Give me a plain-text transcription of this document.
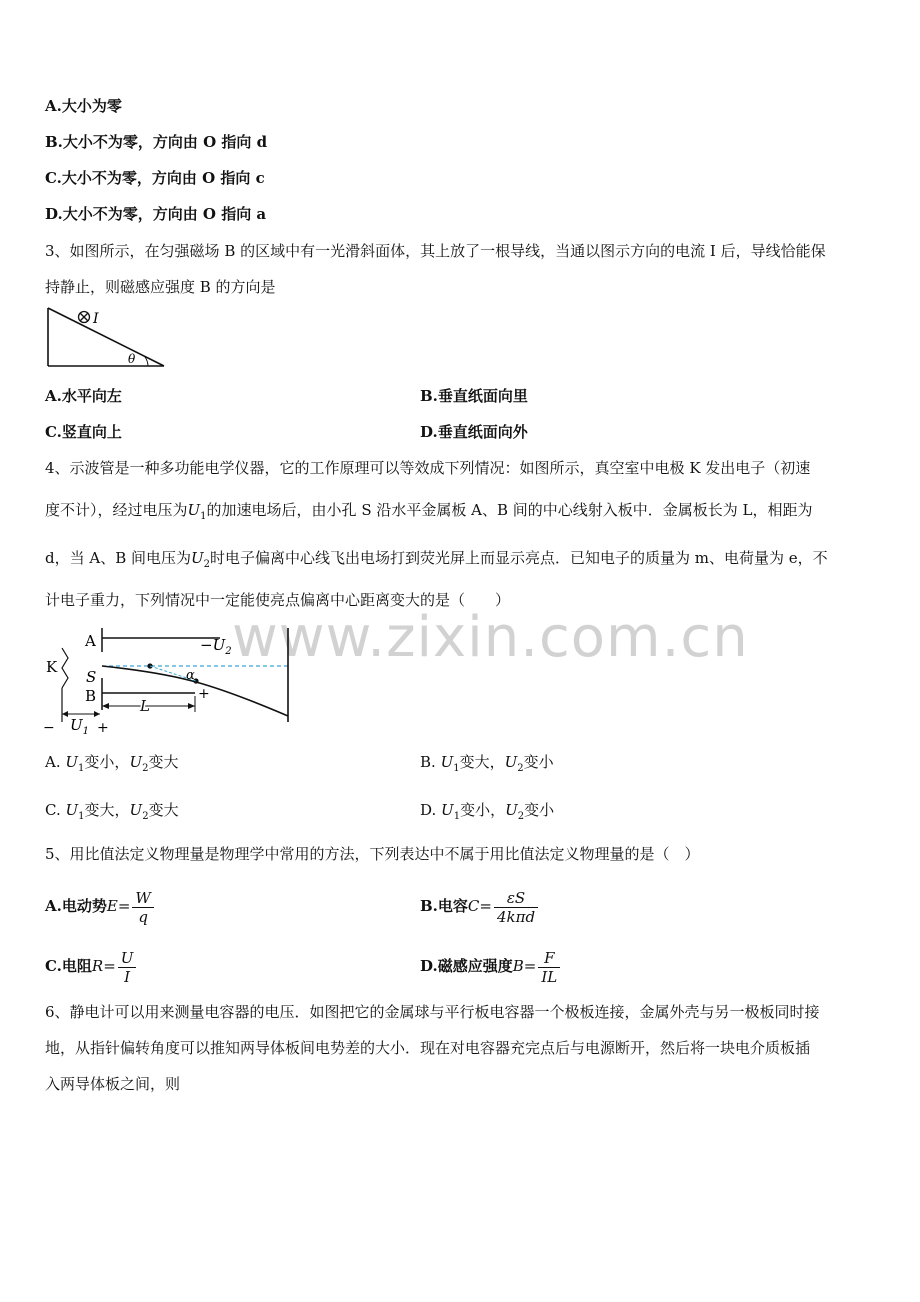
A.大小为零
B.大小不为零，方向由 O 指向 d
C.大小不为零，方向由 O 指向 c
D.大小不为零，方向由 O 指向 a
3、如图所示，在匀强磁场 B 的区域中有一光滑斜面体，其上放了一根导线，当通以图示方向的电流 I 后，导线恰能保
持静止，则磁感应强度 B 的方向是
I
θ
A.水平向左	B.垂直纸面向里
C.竖直向上	D.垂直纸面向外
4、示波管是一种多功能电学仪器，它的工作原理可以等效成下列情况：如图所示，真空室中电极 K 发出电子（初速
度不计），经过电压为$U_1$的加速电场后，由小孔 S 沿水平金属板 A、B 间的中心线射入板中．金属板长为 L，相距为
d，当 A、B 间电压为$U_2$时电子偏离中心线飞出电场打到荧光屏上而显示亮点．已知电子的质量为 m、电荷量为 e，不
计电子重力，下列情况中一定能使亮点偏离中心距离变大的是（　　）
www.zixin.com.cn
A	$-U_2$
B
S
K	α
+
L
− $U_1$ +
A. $U_1$变小，$U_2$变大	B. $U_1$变大，$U_2$变小
C. $U_1$变大，$U_2$变大	D. $U_1$变小，$U_2$变小
5、用比值法定义物理量是物理学中常用的方法，下列表达中不属于用比值法定义物理量的是（　）
A.电动势$E= \frac{W}{q}$	B.电容$C= \frac{\varepsilon S}{\text{4kπd}}$
C.电阻$R= \frac{U}{I}$	D.磁感应强度$B= \frac{F}{IL}$
6、静电计可以用来测量电容器的电压．如图把它的金属球与平行板电容器一个极板连接，金属外壳与另一极板同时接
地，从指针偏转角度可以推知两导体板间电势差的大小．现在对电容器充完点后与电源断开，然后将一块电介质板插
入两导体板之间，则
